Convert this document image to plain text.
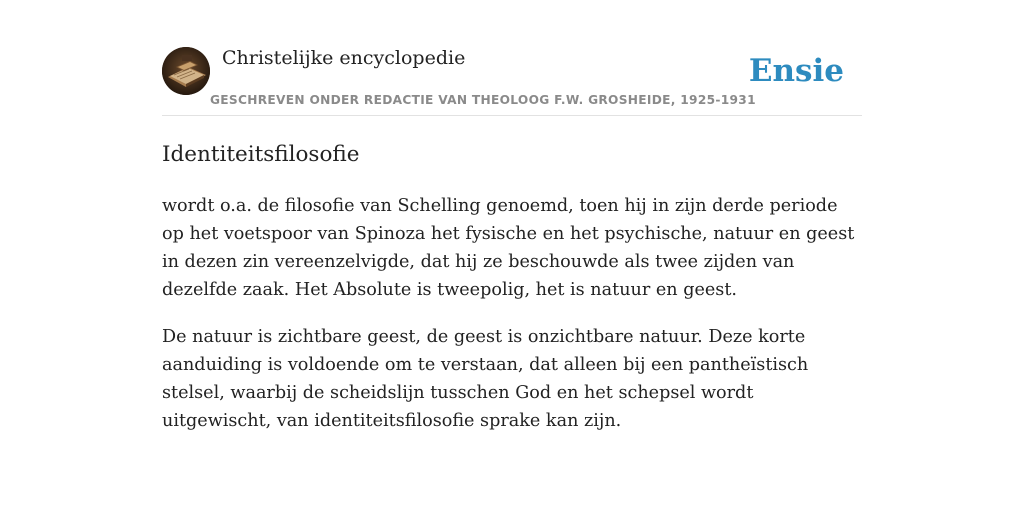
Christelijke encyclopedie
GESCHREVEN ONDER REDACTIE VAN THEOLOOG F.W. GROSHEIDE, 1925-1931
Ensie
Identiteitsfilosofie

wordt o.a. de filosofie van Schelling genoemd, toen hij in zijn derde periode op het voetspoor van Spinoza het fysische en het psychische, natuur en geest in dezen zin vereenzelvigde, dat hij ze beschouwde als twee zijden van dezelfde zaak. Het Absolute is tweepolig, het is natuur en geest.

De natuur is zichtbare geest, de geest is onzichtbare natuur. Deze korte aanduiding is voldoende om te verstaan, dat alleen bij een pantheïstisch stelsel, waarbij de scheidslijn tusschen God en het schepsel wordt uitgewischt, van identiteitsfilosofie sprake kan zijn.
